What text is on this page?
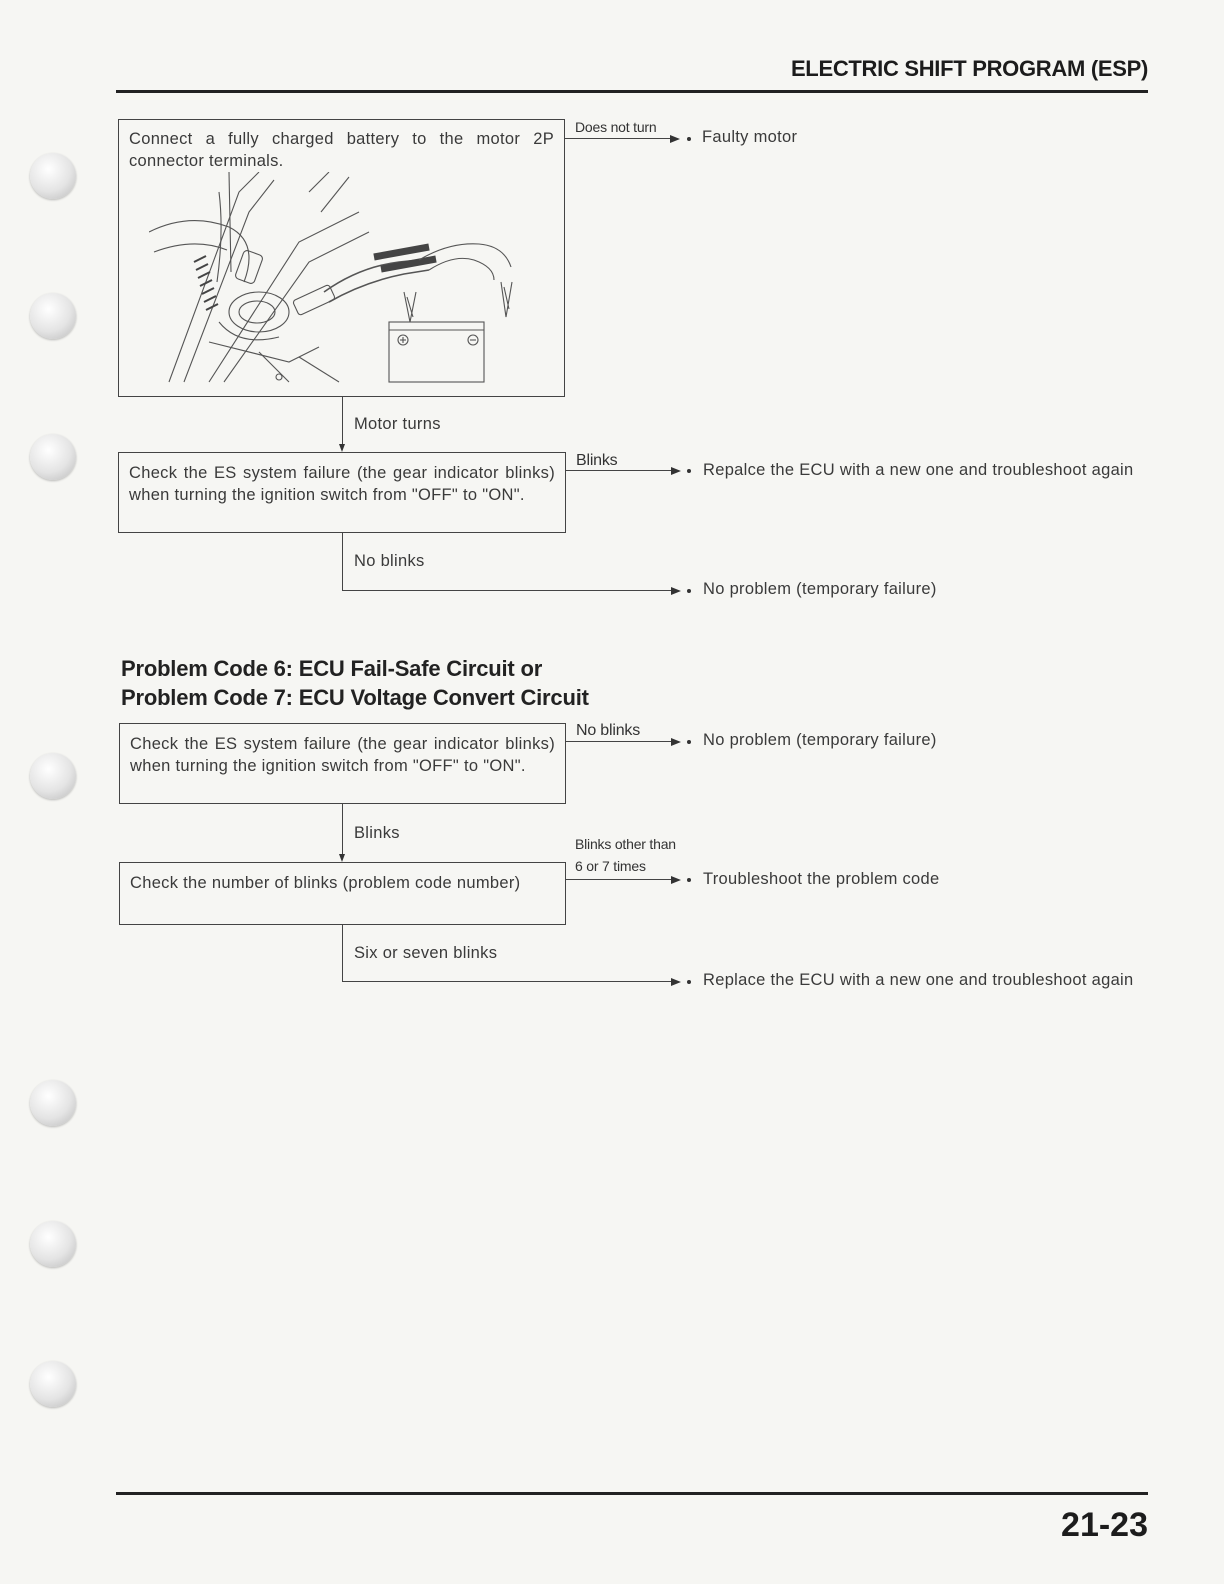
ELECTRIC SHIFT PROGRAM (ESP)
Connect a fully charged battery to the motor 2P connector terminals.
Does not turn
Faulty motor
Motor turns
Check the ES system failure (the gear indicator blinks) when turning the ignition switch from "OFF" to "ON".
Blinks
Repalce the ECU with a new one and troubleshoot again
No blinks
No problem (temporary failure)
Problem Code 6: ECU Fail-Safe Circuit or
Problem Code 7: ECU Voltage Convert Circuit
Check the ES system failure (the gear indicator blinks) when turning the ignition switch from "OFF" to "ON".
No blinks
No problem (temporary failure)
Blinks
Check the number of blinks (problem code number)
Blinks other than
6 or 7 times
Troubleshoot the problem code
Six or seven blinks
Replace the ECU with a new one and troubleshoot again
21-23
